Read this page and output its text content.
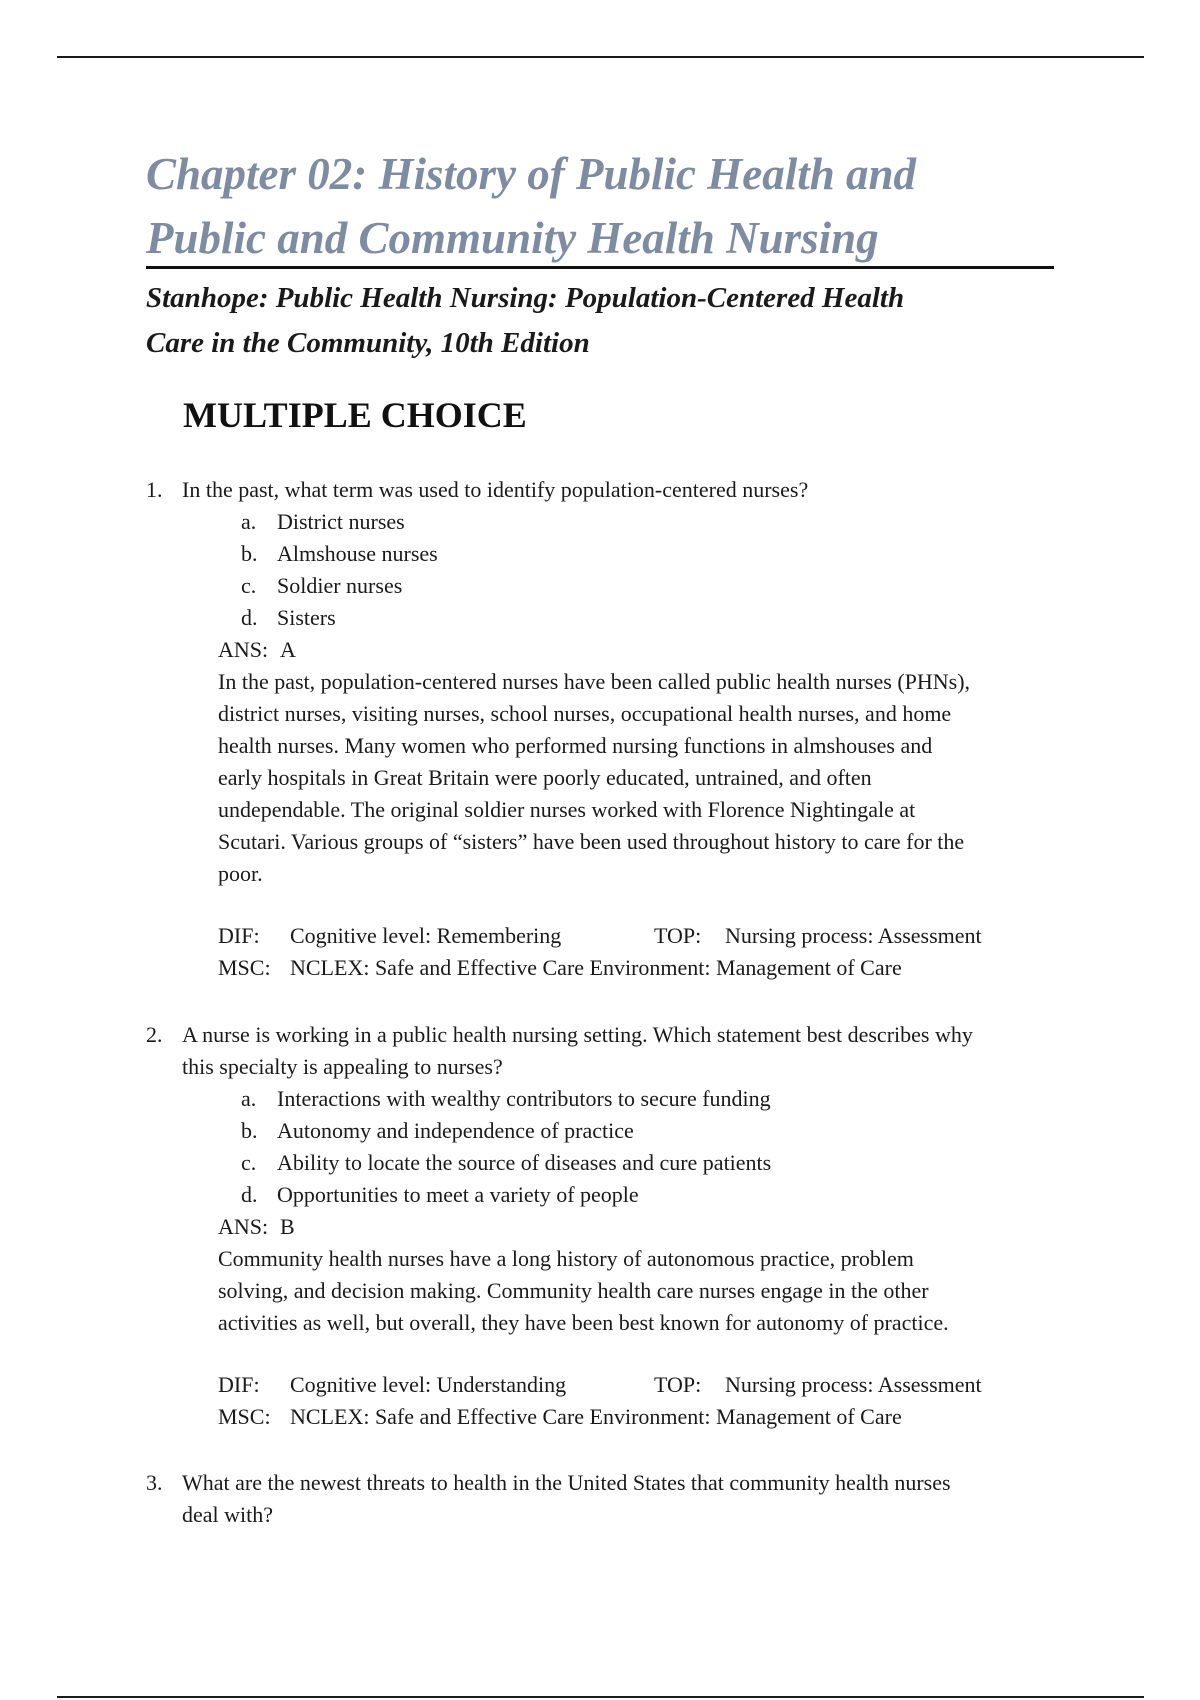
Chapter 02: History of Public Health and
Public and Community Health Nursing
Stanhope: Public Health Nursing: Population-Centered Health
Care in the Community, 10th Edition
MULTIPLE CHOICE
1. In the past, what term was used to identify population-centered nurses?
a. District nurses
b. Almshouse nurses
c. Soldier nurses
d. Sisters
ANS: A
In the past, population-centered nurses have been called public health nurses (PHNs),
district nurses, visiting nurses, school nurses, occupational health nurses, and home
health nurses. Many women who performed nursing functions in almshouses and
early hospitals in Great Britain were poorly educated, untrained, and often
undependable. The original soldier nurses worked with Florence Nightingale at
Scutari. Various groups of “sisters” have been used throughout history to care for the
poor.
DIF: Cognitive level: Remembering	TOP: Nursing process: Assessment
MSC: NCLEX: Safe and Effective Care Environment: Management of Care
2. A nurse is working in a public health nursing setting. Which statement best describes why
this specialty is appealing to nurses?
a. Interactions with wealthy contributors to secure funding
b. Autonomy and independence of practice
c. Ability to locate the source of diseases and cure patients
d. Opportunities to meet a variety of people
ANS: B
Community health nurses have a long history of autonomous practice, problem
solving, and decision making. Community health care nurses engage in the other
activities as well, but overall, they have been best known for autonomy of practice.
DIF: Cognitive level: Understanding	TOP: Nursing process: Assessment
MSC: NCLEX: Safe and Effective Care Environment: Management of Care
3. What are the newest threats to health in the United States that community health nurses
deal with?
